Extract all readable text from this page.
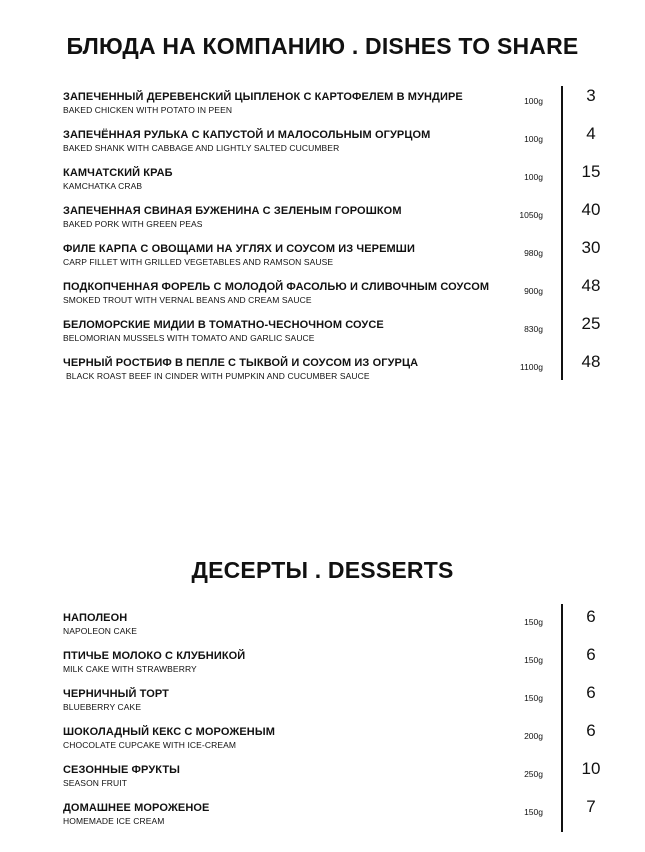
БЛЮДА НА КОМПАНИЮ . DISHES TO SHARE
ЗАПЕЧЕННЫЙ ДЕРЕВЕНСКИЙ ЦЫПЛЕНОК С КАРТОФЕЛЕМ В МУНДИРЕ
BAKED CHICKEN WITH POTATO IN PEEN
100g	3
ЗАПЕЧЁННАЯ РУЛЬКА С КАПУСТОЙ И МАЛОСОЛЬНЫМ ОГУРЦОМ
BAKED SHANK WITH CABBAGE AND LIGHTLY SALTED CUCUMBER
100g	4
КАМЧАТСКИЙ КРАБ
KAMCHATKA CRAB
100g	15
ЗАПЕЧЕННАЯ СВИНАЯ БУЖЕНИНА С ЗЕЛЕНЫМ ГОРОШКОМ
BAKED PORK WITH GREEN PEAS
1050g	40
ФИЛЕ КАРПА С ОВОЩАМИ НА УГЛЯХ И СОУСОМ ИЗ ЧЕРЕМШИ
CARP FILLET WITH GRILLED VEGETABLES AND RAMSON SAUSE
980g	30
ПОДКОПЧЕННАЯ ФОРЕЛЬ С МОЛОДОЙ ФАСОЛЬЮ И СЛИВОЧНЫМ СОУСОМ
SMOKED TROUT WITH VERNAL BEANS AND CREAM SAUCE
900g	48
БЕЛОМОРСКИЕ МИДИИ В ТОМАТНО-ЧЕСНОЧНОМ СОУСЕ
BELOMORIAN MUSSELS WITH TOMATO AND GARLIC SAUCE
830g	25
ЧЕРНЫЙ РОСТБИФ В ПЕПЛЕ С ТЫКВОЙ И СОУСОМ ИЗ ОГУРЦА
BLACK ROAST BEEF IN CINDER WITH PUMPKIN AND CUCUMBER SAUCE
1100g	48
ДЕСЕРТЫ . DESSERTS
НАПОЛЕОН
NAPOLEON CAKE
150g	6
ПТИЧЬЕ МОЛОКО С КЛУБНИКОЙ
MILK CAKE WITH STRAWBERRY
150g	6
ЧЕРНИЧНЫЙ ТОРТ
BLUEBERRY CAKE
150g	6
ШОКОЛАДНЫЙ КЕКС С МОРОЖЕНЫМ
CHOCOLATE CUPCAKE WITH ICE-CREAM
200g	6
СЕЗОННЫЕ ФРУКТЫ
SEASON FRUIT
250g	10
ДОМАШНЕЕ МОРОЖЕНОЕ
HOMEMADE ICE CREAM
150g	7
